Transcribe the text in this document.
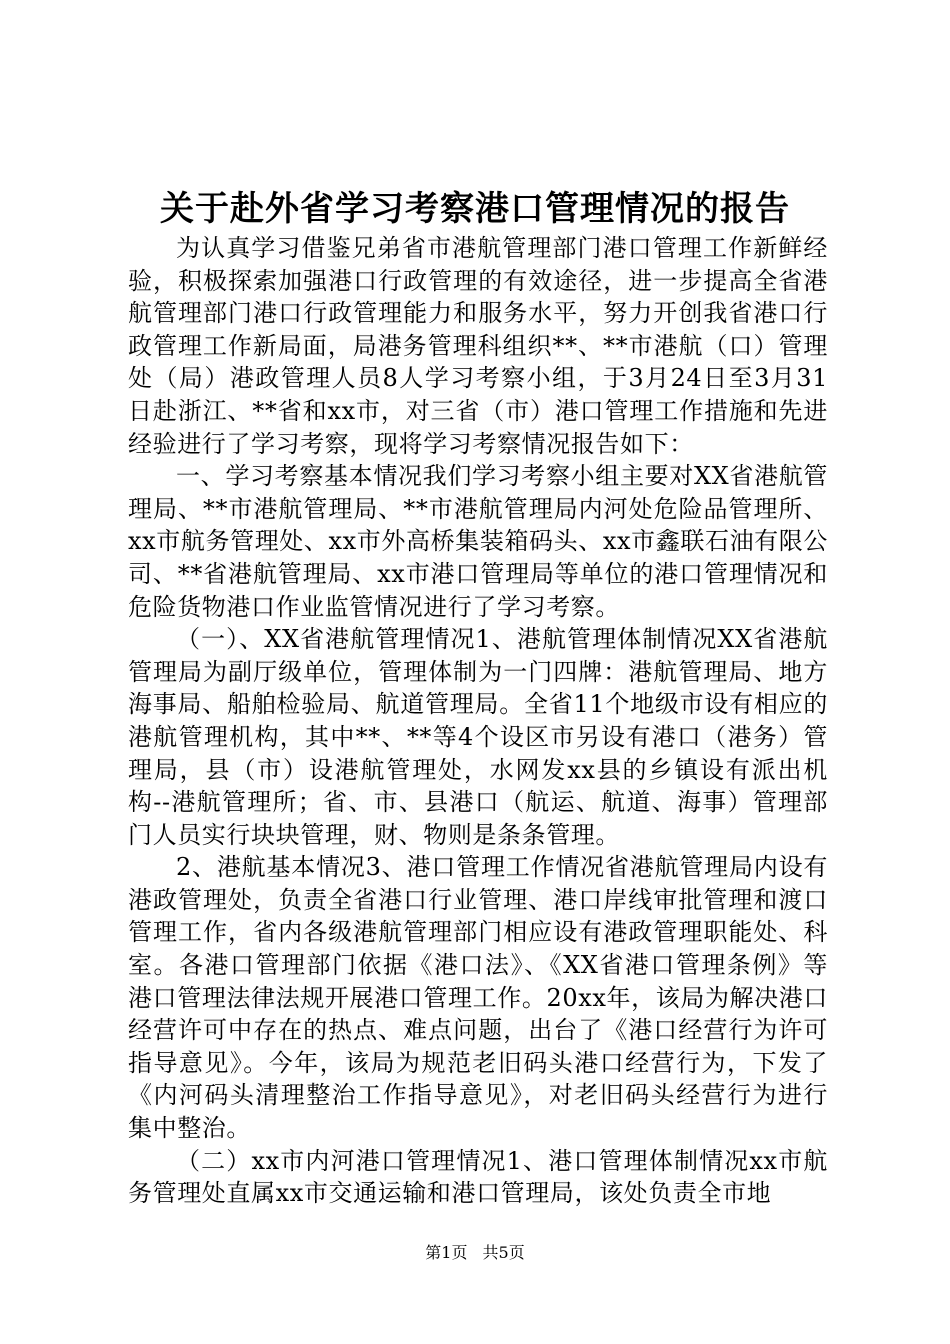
关于赴外省学习考察港口管理情况的报告

为认真学习借鉴兄弟省市港航管理部门港口管理工作新鲜经验，积极探索加强港口行政管理的有效途径，进一步提高全省港航管理部门港口行政管理能力和服务水平，努力开创我省港口行政管理工作新局面，局港务管理科组织**、**市港航（口）管理处（局）港政管理人员8人学习考察小组，于3月24日至3月31日赴浙江、**省和xx市，对三省（市）港口管理工作措施和先进经验进行了学习考察，现将学习考察情况报告如下：

一、学习考察基本情况我们学习考察小组主要对XX省港航管理局、**市港航管理局、**市港航管理局内河处危险品管理所、xx市航务管理处、xx市外高桥集装箱码头、xx市鑫联石油有限公司、**省港航管理局、xx市港口管理局等单位的港口管理情况和危险货物港口作业监管情况进行了学习考察。

（一）、XX省港航管理情况1、港航管理体制情况XX省港航管理局为副厅级单位，管理体制为一门四牌：港航管理局、地方海事局、船舶检验局、航道管理局。全省11个地级市设有相应的港航管理机构，其中**、**等4个设区市另设有港口（港务）管理局，县（市）设港航管理处，水网发xx县的乡镇设有派出机构--港航管理所；省、市、县港口（航运、航道、海事）管理部门人员实行块块管理，财、物则是条条管理。

2、港航基本情况3、港口管理工作情况省港航管理局内设有港政管理处，负责全省港口行业管理、港口岸线审批管理和渡口管理工作，省内各级港航管理部门相应设有港政管理职能处、科室。各港口管理部门依据《港口法》、《XX省港口管理条例》等港口管理法律法规开展港口管理工作。20xx年，该局为解决港口经营许可中存在的热点、难点问题，出台了《港口经营行为许可指导意见》。今年，该局为规范老旧码头港口经营行为，下发了《内河码头清理整治工作指导意见》，对老旧码头经营行为进行集中整治。

（二）xx市内河港口管理情况1、港口管理体制情况xx市航务管理处直属xx市交通运输和港口管理局，该处负责全市地

第1页 共5页
